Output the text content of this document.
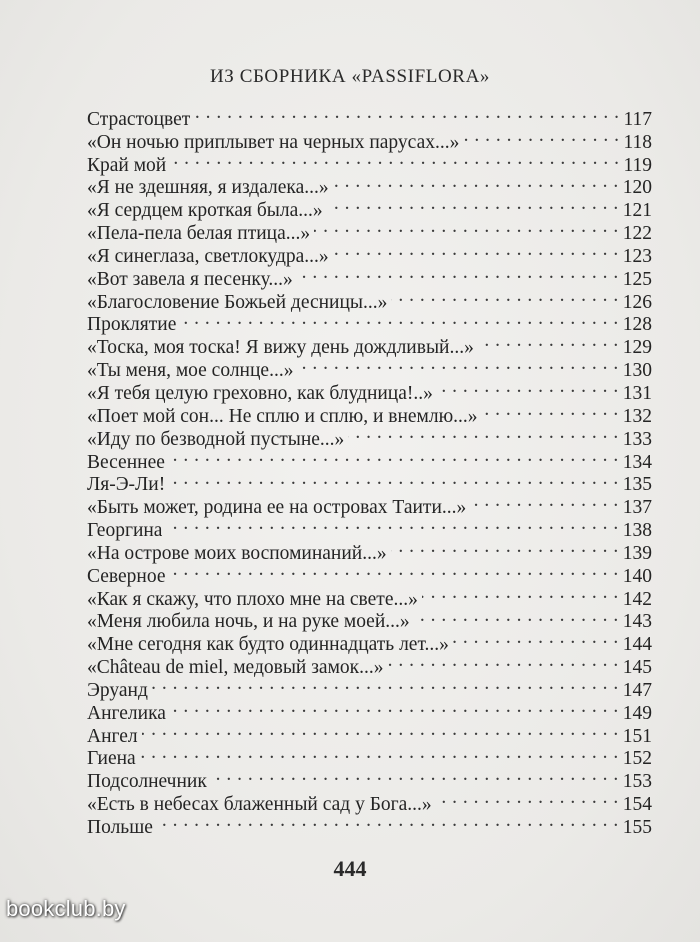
ИЗ СБОРНИКА «PASSIFLORA»
Страстоцвет . . .	117
«Он ночью приплывет на черных парусах...» . . .	118
Край мой . . .	119
«Я не здешняя, я издалека...» . . .	120
«Я сердцем кроткая была...» . . .	121
«Пела-пела белая птица...» . . .	122
«Я синеглаза, светлокудра...» . . .	123
«Вот завела я песенку...» . . .	125
«Благословение Божьей десницы...» . . .	126
Проклятие . . .	128
«Тоска, моя тоска! Я вижу день дождливый...» . . .	129
«Ты меня, мое солнце...» . . .	130
«Я тебя целую греховно, как блудница!..» . . .	131
«Поет мой сон... Не сплю и сплю, и внемлю...» . . .	132
«Иду по безводной пустыне...» . . .	133
Весеннее . . .	134
Ля-Э-Ли! . . .	135
«Быть может, родина ее на островах Таити...» . . .	137
Георгина . . .	138
«На острове моих воспоминаний...» . . .	139
Северное . . .	140
«Как я скажу, что плохо мне на свете...» . . .	142
«Меня любила ночь, и на руке моей...» . . .	143
«Мне сегодня как будто одиннадцать лет...» . . .	144
«Château de miel, медовый замок...» . . .	145
Эруанд . . .	147
Ангелика . . .	149
Ангел . . .	151
Гиена . . .	152
Подсолнечник . . .	153
«Есть в небесах блаженный сад у Бога...» . . .	154
Польше . . .	155
444
bookclub.by
